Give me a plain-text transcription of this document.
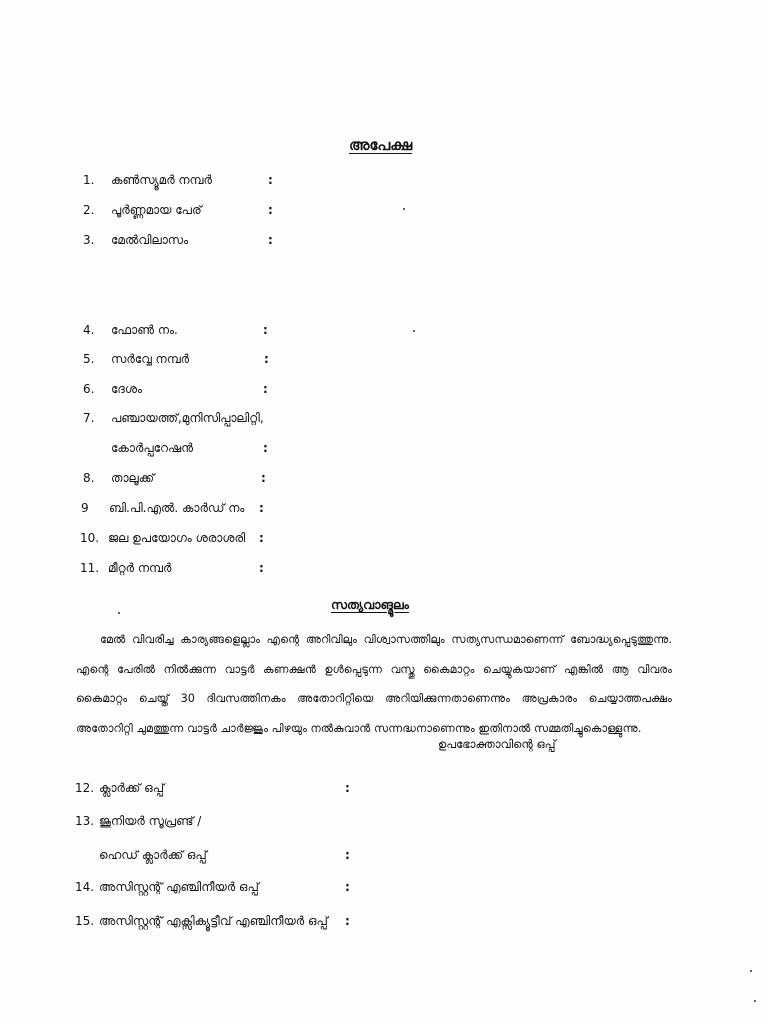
അപേക്ഷ
1.	കൺസ്യൂമർ നമ്പർ	:
2.	പൂർണ്ണമായ പേര്	:
3.	മേൽവിലാസം	:
4.	ഫോൺ നം.	:
5.	സർവ്വേ നമ്പർ	:
6.	ദേശം	:
7.	പഞ്ചായത്ത്,മുനിസിപ്പാലിറ്റി,
കോർപ്പറേഷൻ	:
8.	താലൂക്ക്	:
9	ബി.പി.എൽ. കാർഡ് നം :
10. ജല ഉപയോഗം ശരാശരി :
11. മീറ്റർ നമ്പർ	:
സത്യവാങ്മൂലം

മേൽ വിവരിച്ച കാര്യങ്ങളെല്ലാം എന്റെ അറിവിലും വിശ്വാസത്തിലും സത്യസന്ധമാണെന്ന് ബോദ്ധ്യപ്പെടുത്തുന്നു. എന്റെ പേരിൽ നിൽക്കുന്ന വാട്ടർ കണക്ഷൻ ഉൾപ്പെടുന്ന വസ്തു കൈമാറ്റം ചെയ്യുകയാണ് എങ്കിൽ ആ വിവരം കൈമാറ്റം ചെയ്ത് 30 ദിവസത്തിനകം അതോറിറ്റിയെ അറിയിക്കുന്നതാണെന്നും അപ്രകാരം ചെയ്യാത്തപക്ഷം അതോറിറ്റി ചുമത്തുന്ന വാട്ടർ ചാർജ്ജും പിഴയും നൽകുവാൻ സന്നദ്ധനാണെന്നും ഇതിനാൽ സമ്മതിച്ചുകൊള്ളുന്നു.

ഉപഭോക്താവിന്റെ ഒപ്പ്
12. ക്ലാർക്ക് ഒപ്പ്	:
13. ജൂനിയർ സൂപ്രണ്ട് /
ഹെഡ് ക്ലാർക്ക് ഒപ്പ്	:
14. അസിസ്റ്റന്റ് എഞ്ചിനീയർ ഒപ്പ്	:
15. അസിസ്റ്റന്റ് എക്സിക്യൂട്ടീവ് എഞ്ചിനീയർ ഒപ്പ് :
